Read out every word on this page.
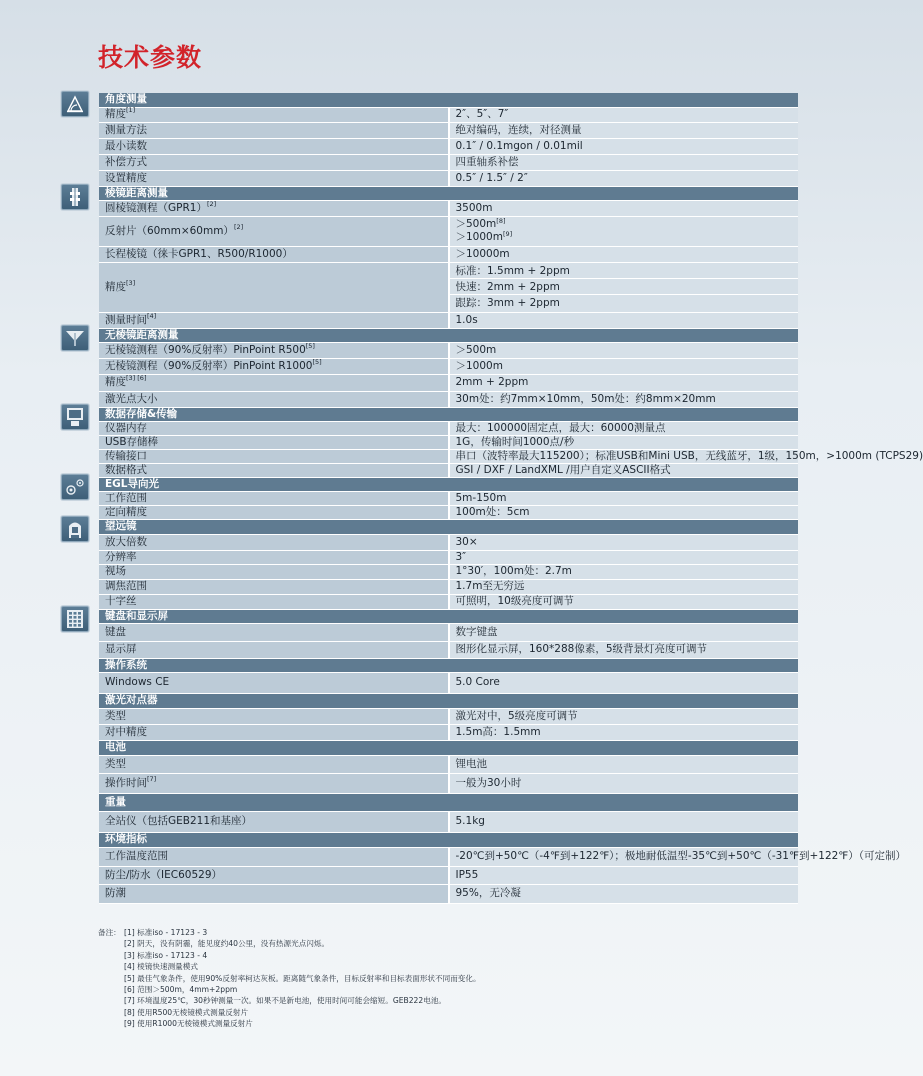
技术参数
角度测量	
精度[1]	2″、5″、7″
测量方法	绝对编码，连续，对径测量
最小读数	0.1″ / 0.1mgon / 0.01mil
补偿方式	四重轴系补偿
设置精度	0.5″ / 1.5″ / 2″
棱镜距离测量	
圆棱镜测程（GPR1）[2]	3500m
反射片（60mm×60mm）[2]	＞500m[8]
＞1000m[9]

长程棱镜（徕卡GPR1、R500/R1000）	＞10000m
精度[3]	标准：1.5mm + 2ppm
快速：2mm + 2ppm
跟踪：3mm + 2ppm

测量时间[4]	1.0s
无棱镜距离测量	
无棱镜测程（90%反射率）PinPoint R500[5]	＞500m
无棱镜测程（90%反射率）PinPoint R1000[5]	＞1000m
精度[3] [6]	2mm + 2ppm
激光点大小	30m处：约7mm×10mm，50m处：约8mm×20mm
数据存储&传输	
仪器内存	最大：100000固定点，最大：60000测量点
USB存储棒	1G，传输时间1000点/秒
传输接口	串口（波特率最大115200）；标准USB和Mini USB，无线蓝牙，1级，150m，>1000m (TCPS29)
数据格式	GSI / DXF / LandXML /用户自定义ASCII格式
EGL导向光	
工作范围	5m-150m
定向精度	100m处：5cm
望远镜	
放大倍数	30×
分辨率	3″
视场	1°30′，100m处：2.7m
调焦范围	1.7m至无穷远
十字丝	可照明，10级亮度可调节
键盘和显示屏	
键盘	数字键盘
显示屏	图形化显示屏，160*288像素，5级背景灯亮度可调节
操作系统	
Windows CE	5.0 Core
激光对点器	
类型	激光对中，5级亮度可调节
对中精度	1.5m高：1.5mm
电池	
类型	锂电池
操作时间[7]	一般为30小时
重量	
全站仪（包括GEB211和基座）	5.1kg
环境指标	
工作温度范围	-20℃到+50℃（-4℉到+122℉）；极地耐低温型-35℃到+50℃（-31℉到+122℉）（可定制）
防尘/防水（IEC60529）	IP55
防潮	95%，无冷凝
备注： [1] 标准iso - 17123 - 3
[2] 阴天，没有阴霾，能见度约40公里，没有热源光点闪烁。
[3] 标准iso - 17123 - 4
[4] 棱镜快速测量模式
[5] 最佳气象条件，使用90%反射率柯达灰板。距离随气象条件，目标反射率和目标表面形状不同而变化。
[6] 范围＞500m，4mm+2ppm
[7] 环境温度25℃，30秒钟测量一次。如果不是新电池，使用时间可能会缩短。GEB222电池。
[8] 使用R500无棱镜模式测量反射片
[9] 使用R1000无棱镜模式测量反射片
